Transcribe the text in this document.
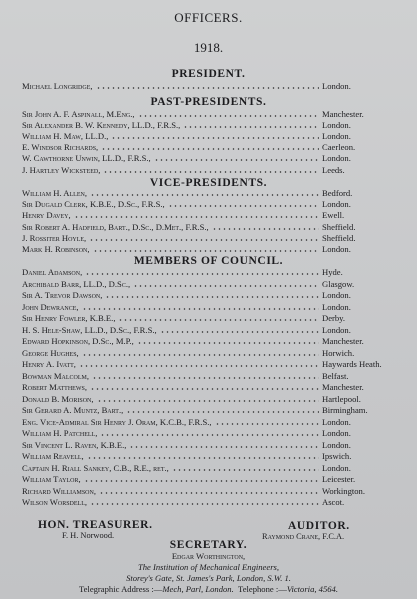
OFFICERS.
1918.
PRESIDENT.
Michael Longridge,	London.
PAST-PRESIDENTS.
Sir John A. F. Aspinall, M.Eng.,	Manchester.
Sir Alexander B. W. Kennedy, LL.D., F.R.S.,	London.
William H. Maw, LL.D.,	London.
E. Windsor Richards,	Caerleon.
W. Cawthorne Unwin, LL.D., F.R.S.,	London.
J. Hartley Wicksteed,	Leeds.
VICE-PRESIDENTS.
William H. Allen,	Bedford.
Sir Dugald Clerk, K.B.E., D.Sc., F.R.S.,	London.
Henry Davey,	Ewell.
Sir Robert A. Hadfield, Bart., D.Sc., D.Met., F.R.S.,	Sheffield.
J. Rossiter Hoyle,	Sheffield.
Mark H. Robinson,	London.
MEMBERS OF COUNCIL.
Daniel Adamson,	Hyde.
Archibald Barr, LL.D., D.Sc.,	Glasgow.
Sir A. Trevor Dawson,	London.
John Dewrance,	London.
Sir Henry Fowler, K.B.E.,	Derby.
H. S. Hele-Shaw, LL.D., D.Sc., F.R.S.,	London.
Edward Hopkinson, D.Sc., M.P.,	Manchester.
George Hughes,	Horwich.
Henry A. Ivatt,	Haywards Heath.
Bowman Malcolm,	Belfast.
Robert Matthews,	Manchester.
Donald B. Morison,	Hartlepool.
Sir Gerard A. Muntz, Bart.,	Birmingham.
Eng. Vice-Admiral Sir Henry J. Oram, K.C.B., F.R.S.,	London.
William H. Patchell,	London.
Sir Vincent L. Raven, K.B.E.,	London.
William Reavell,	Ipswich.
Captain H. Riall Sankey, C.B., R.E., ret.,	London.
William Taylor,	Leicester.
Richard Williamson,	Workington.
Wilson Worsdell,	Ascot.
HON. TREASURER.
F. H. Norwood.
AUDITOR.
Raymond Crane, F.C.A.
SECRETARY.
Edgar Worthington,
The Institution of Mechanical Engineers,
Storey's Gate, St. James's Park, London, S.W. 1.
Telegraphic Address :—Mech, Parl, London. Telephone :—Victoria, 4564.
